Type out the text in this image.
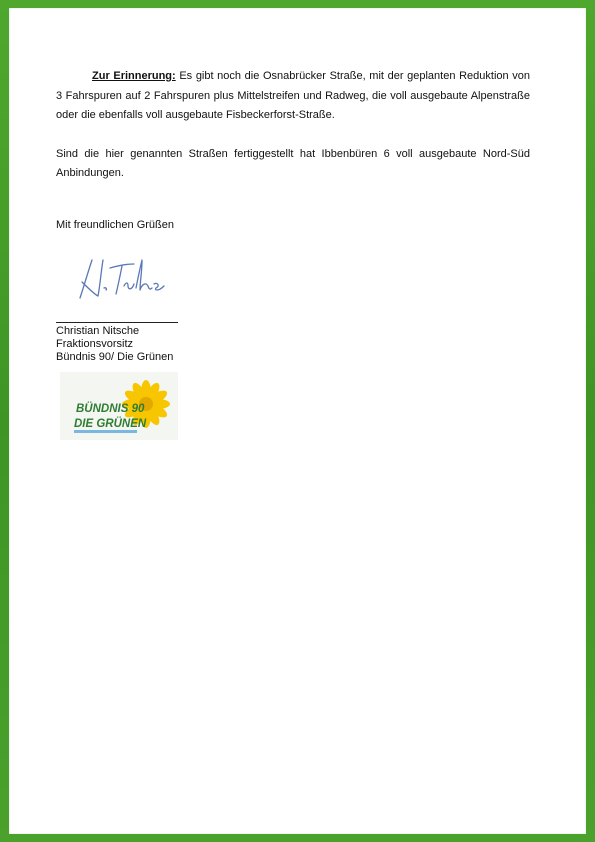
Zur Erinnerung: Es gibt noch die Osnabrücker Straße, mit der geplanten Reduktion von 3 Fahrspuren auf 2 Fahrspuren plus Mittelstreifen und Radweg, die voll ausgebaute Alpenstraße oder die ebenfalls voll ausgebaute Fisbeckerforst-Straße.

Sind die hier genannten Straßen fertiggestellt hat Ibbenbüren 6 voll ausgebaute Nord-Süd Anbindungen.

Mit freundlichen Grüßen

Christian Nitsche
Fraktionsvorsitz
Bündnis 90/ Die Grünen
BÜNDNIS 90
DIE GRÜNEN
